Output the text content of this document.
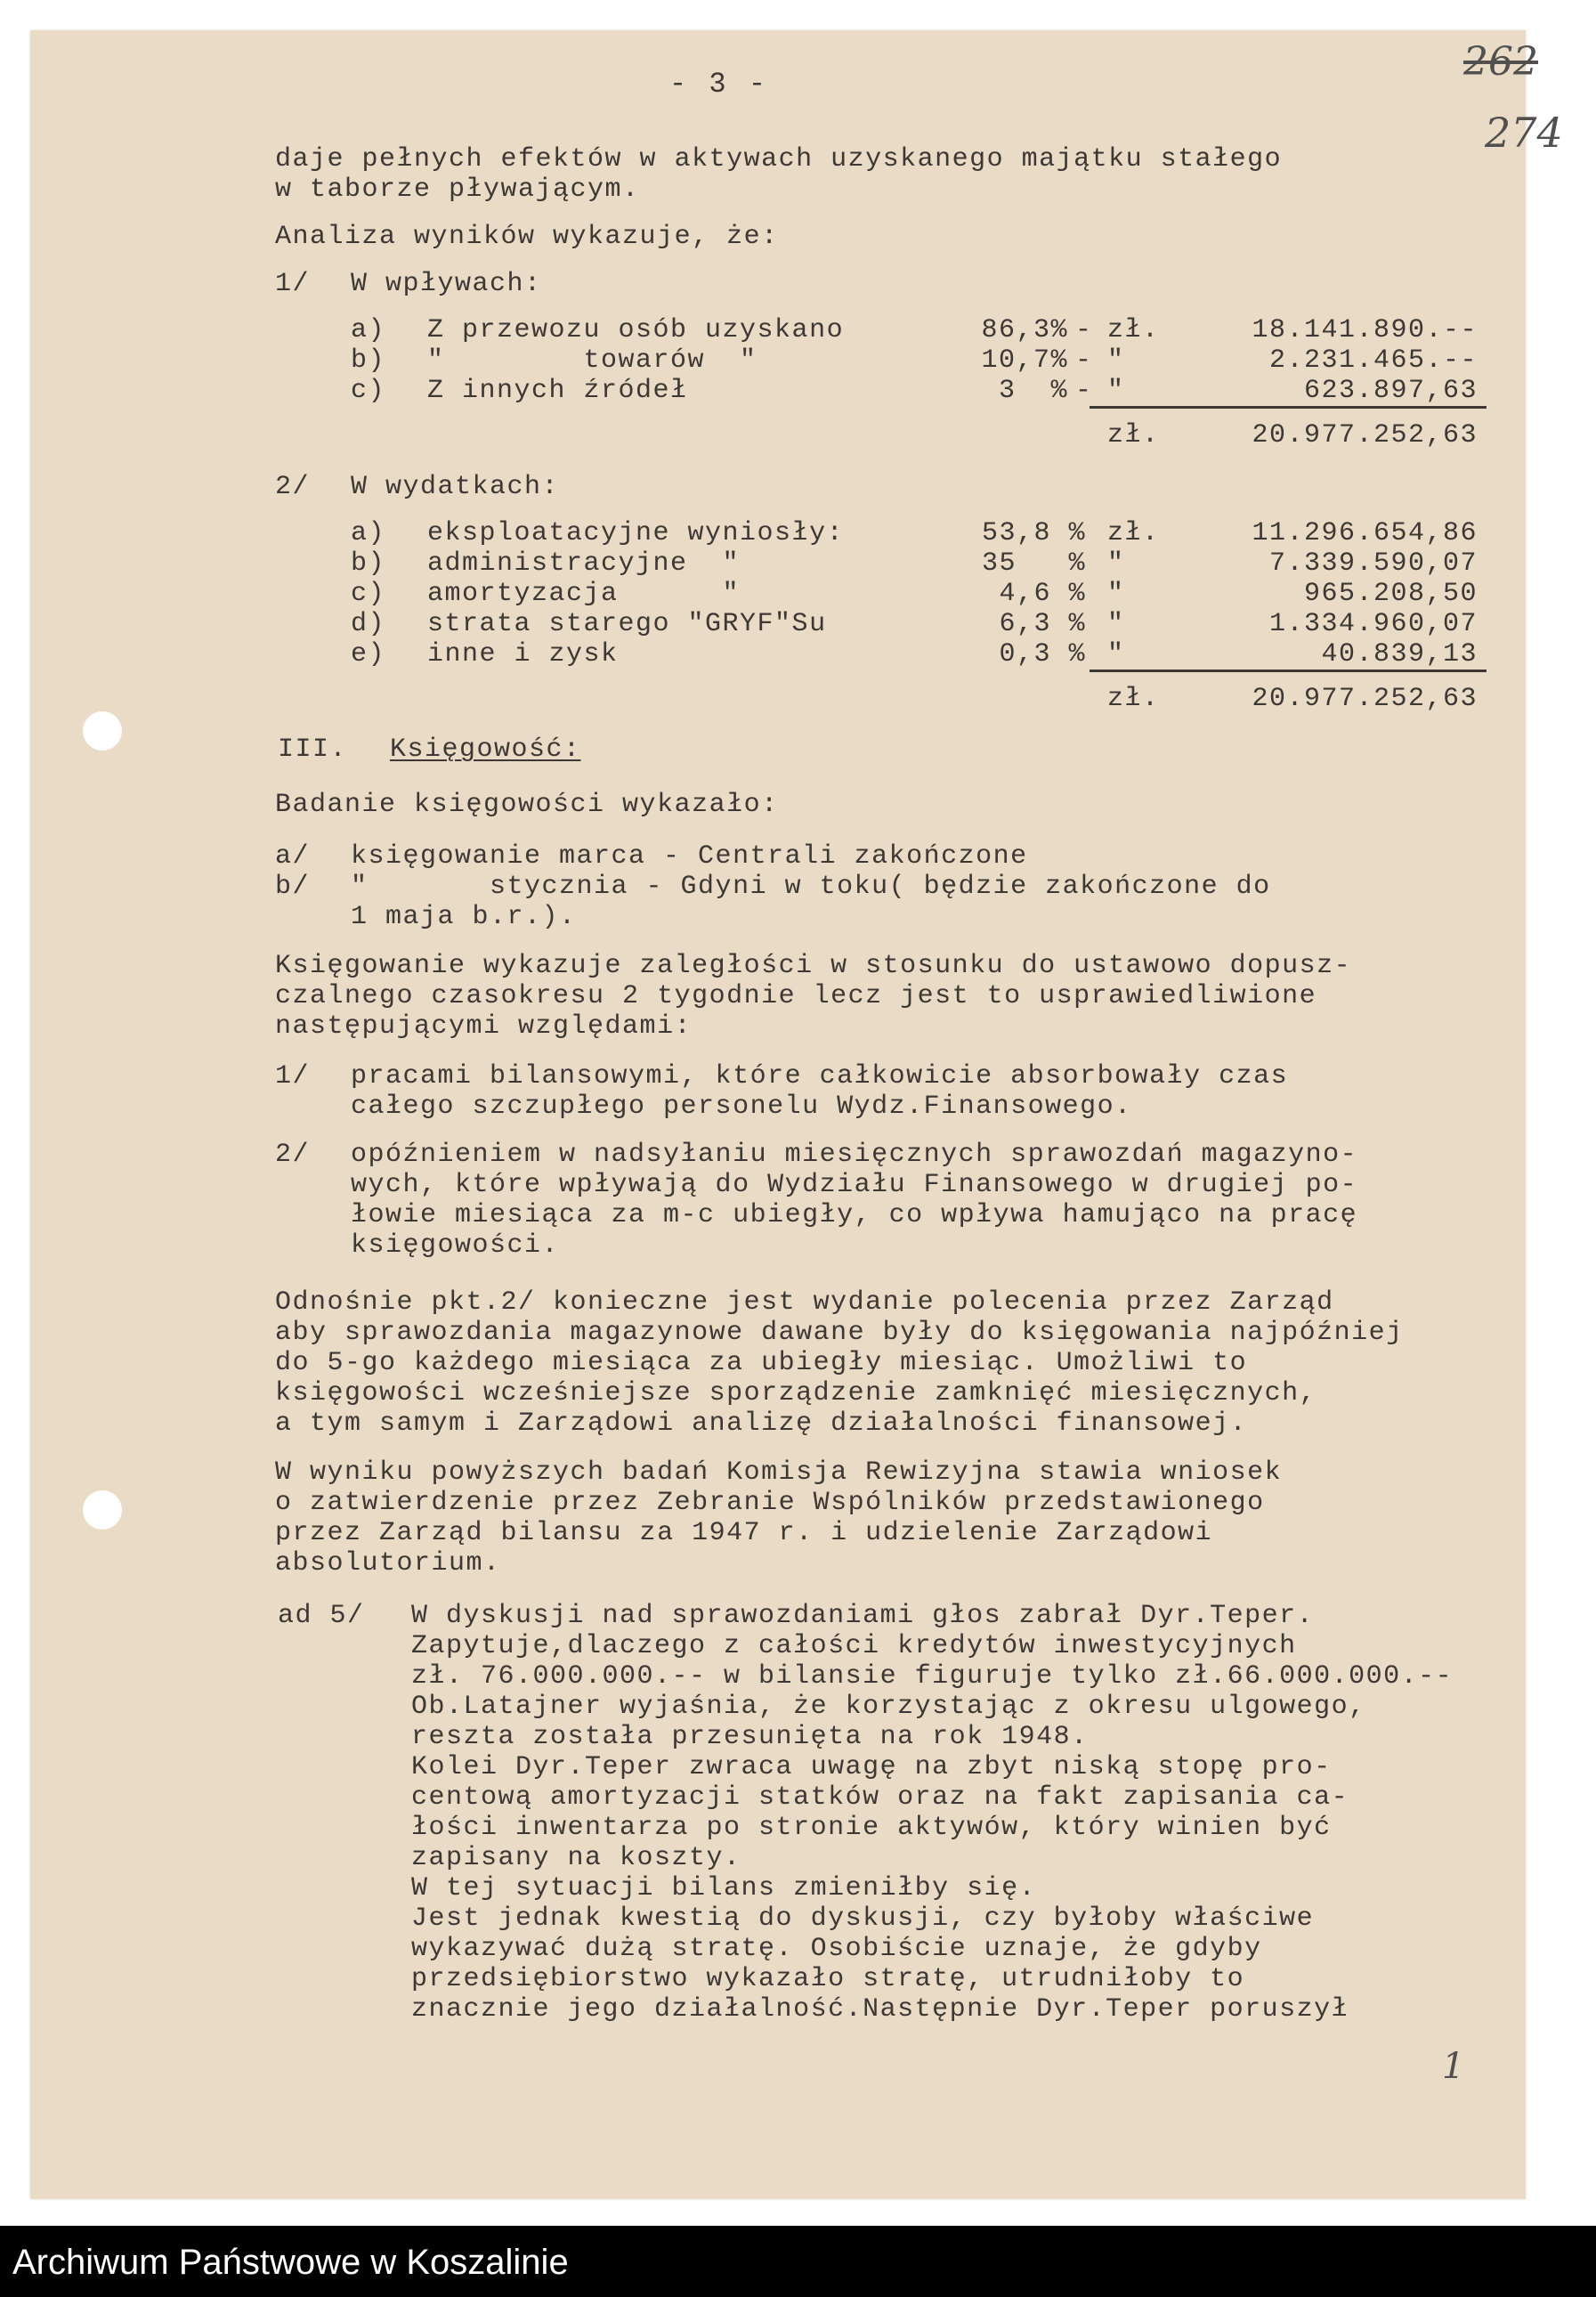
- 3 -	262
274
daje pełnych efektów w aktywach uzyskanego majątku stałego
w taborze pływającym.
Analiza wyników wykazuje, że:
1/ W wpływach:
a) Z przewozu osób uzyskano	86,3% - zł.	18.141.890.--
b) "        towarów  "	10,7% - "	2.231.465.--
c) Z innych źródeł	3  % - "	623.897,63
zł.	20.977.252,63
2/ W wydatkach:
a) eksploatacyjne wyniosły:	53,8 % zł.	11.296.654,86
b) administracyjne  "	35   % "	7.339.590,07
c) amortyzacja      "	4,6 % "	965.208,50
d) strata starego "GRYF"Su	6,3 % "	1.334.960,07
e) inne i zysk	0,3 % "	40.839,13
zł.	20.977.252,63
III. Księgowość:
Badanie księgowości wykazało:
a/ księgowanie marca - Centrali zakończone
b/ "       stycznia - Gdyni w toku( będzie zakończone do
1 maja b.r.).
Księgowanie wykazuje zaległości w stosunku do ustawowo dopusz-
czalnego czasokresu 2 tygodnie lecz jest to usprawiedliwione
następującymi względami:
1/ pracami bilansowymi, które całkowicie absorbowały czas
całego szczupłego personelu Wydz.Finansowego.
2/ opóźnieniem w nadsyłaniu miesięcznych sprawozdań magazyno-
wych, które wpływają do Wydziału Finansowego w drugiej po-
łowie miesiąca za m-c ubiegły, co wpływa hamująco na pracę
księgowości.
Odnośnie pkt.2/ konieczne jest wydanie polecenia przez Zarząd
aby sprawozdania magazynowe dawane były do księgowania najpóźniej
do 5-go każdego miesiąca za ubiegły miesiąc. Umożliwi to
księgowości wcześniejsze sporządzenie zamknięć miesięcznych,
a tym samym i Zarządowi analizę działalności finansowej.
W wyniku powyższych badań Komisja Rewizyjna stawia wniosek
o zatwierdzenie przez Zebranie Wspólników przedstawionego
przez Zarząd bilansu za 1947 r. i udzielenie Zarządowi
absolutorium.
ad 5/ W dyskusji nad sprawozdaniami głos zabrał Dyr.Teper.
Zapytuje,dlaczego z całości kredytów inwestycyjnych
zł. 76.000.000.-- w bilansie figuruje tylko zł.66.000.000.--
Ob.Latajner wyjaśnia, że korzystając z okresu ulgowego,
reszta została przesunięta na rok 1948.
Kolei Dyr.Teper zwraca uwagę na zbyt niską stopę pro-
centową amortyzacji statków oraz na fakt zapisania ca-
łości inwentarza po stronie aktywów, który winien być
zapisany na koszty.
W tej sytuacji bilans zmieniłby się.
Jest jednak kwestią do dyskusji, czy byłoby właściwe
wykazywać dużą stratę. Osobiście uznaje, że gdyby
przedsiębiorstwo wykazało stratę, utrudniłoby to
znacznie jego działalność.Następnie Dyr.Teper poruszył
1
Archiwum Państwowe w Koszalinie
